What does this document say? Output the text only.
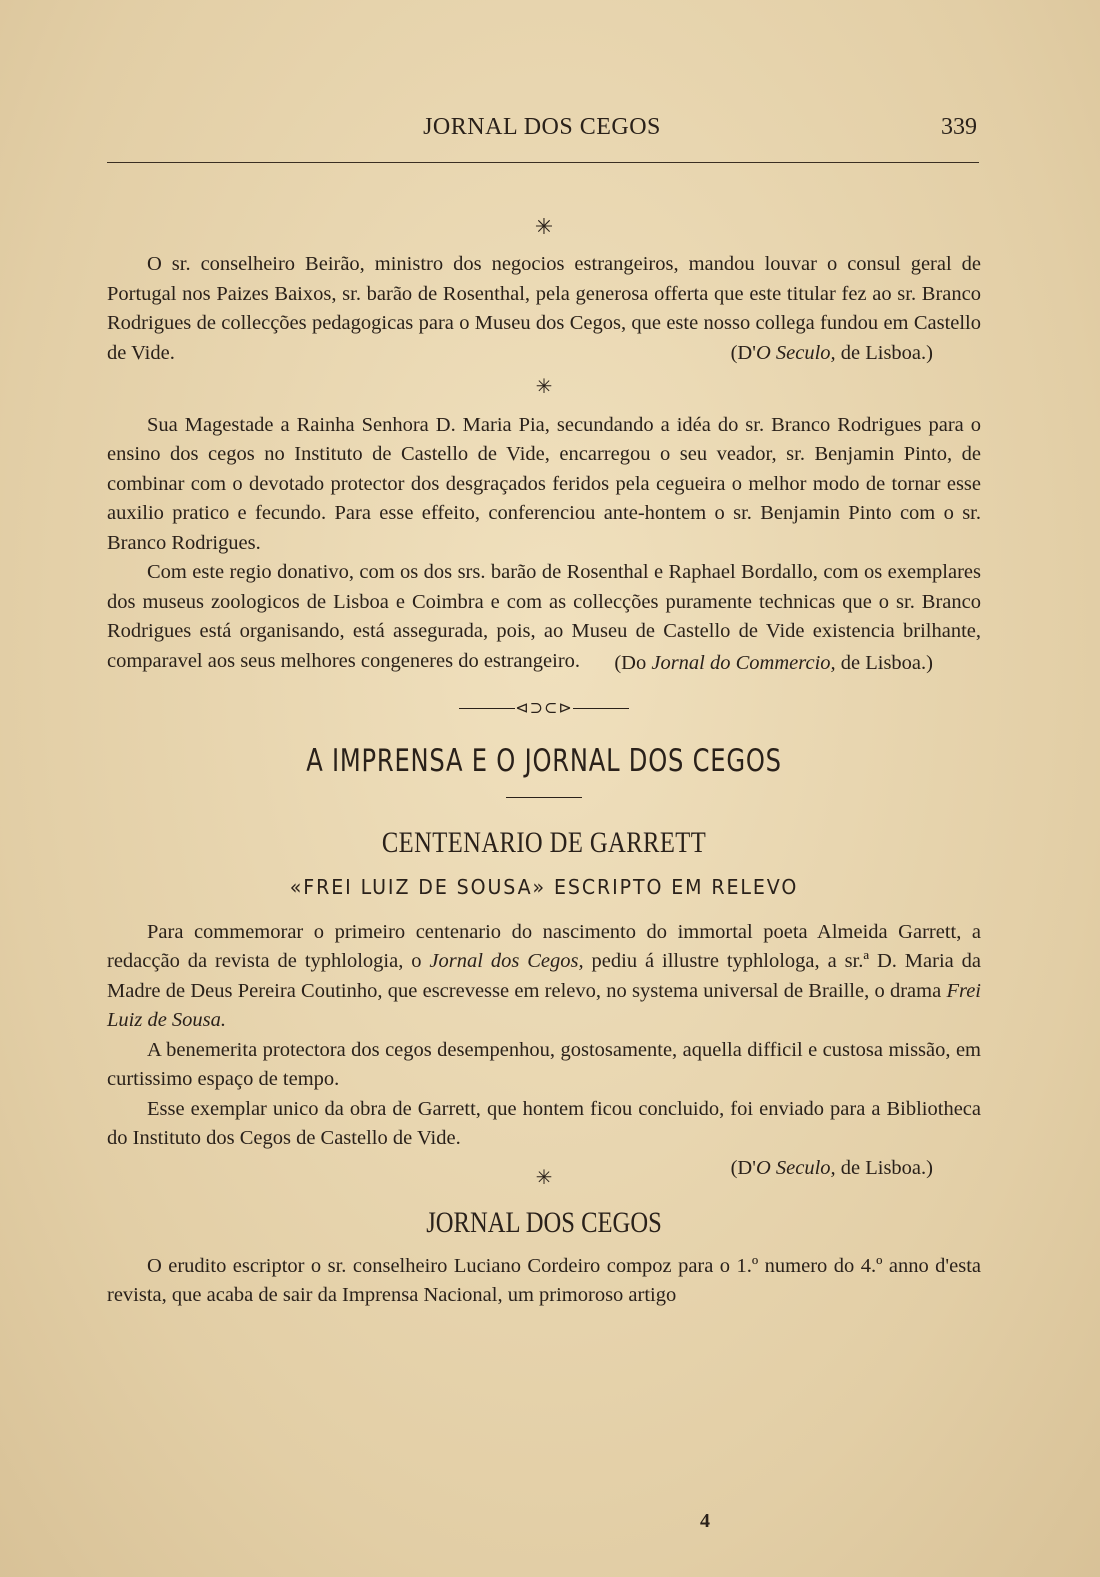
JORNAL DOS CEGOS	339
✳

O sr. conselheiro Beirão, ministro dos negocios estrangeiros, mandou louvar o consul geral de Portugal nos Paizes Baixos, sr. barão de Rosenthal, pela generosa offerta que este titular fez ao sr. Branco Rodrigues de collecções pedagogicas para o Museu dos Cegos, que este nosso collega fundou em Castello de Vide.	(D'O Seculo, de Lisboa.)
✳

Sua Magestade a Rainha Senhora D. Maria Pia, secundando a idéa do sr. Branco Rodrigues para o ensino dos cegos no Instituto de Castello de Vide, encarregou o seu veador, sr. Benjamin Pinto, de combinar com o devotado protector dos desgraçados feridos pela cegueira o melhor modo de tornar esse auxilio pratico e fecundo. Para esse effeito, conferenciou ante-hontem o sr. Benjamin Pinto com o sr. Branco Rodrigues.

Com este regio donativo, com os dos srs. barão de Rosenthal e Raphael Bordallo, com os exemplares dos museus zoologicos de Lisboa e Coimbra e com as collecções puramente technicas que o sr. Branco Rodrigues está organisando, está assegurada, pois, ao Museu de Castello de Vide existencia brilhante, comparavel aos seus melhores congeneres do estrangeiro.	(Do Jornal do Commercio, de Lisboa.)
⊲⊃⊂⊳
A IMPRENSA E O JORNAL DOS CEGOS
CENTENARIO DE GARRETT
«FREI LUIZ DE SOUSA» ESCRIPTO EM RELEVO

Para commemorar o primeiro centenario do nascimento do immortal poeta Almeida Garrett, a redacção da revista de typhlologia, o Jornal dos Cegos, pediu á illustre typhlologa, a sr.ª D. Maria da Madre de Deus Pereira Coutinho, que escrevesse em relevo, no systema universal de Braille, o drama Frei Luiz de Sousa.

A benemerita protectora dos cegos desempenhou, gostosamente, aquella difficil e custosa missão, em curtissimo espaço de tempo.

Esse exemplar unico da obra de Garrett, que hontem ficou concluido, foi enviado para a Bibliotheca do Instituto dos Cegos de Castello de Vide.

(D'O Seculo, de Lisboa.)
✳
JORNAL DOS CEGOS

O erudito escriptor o sr. conselheiro Luciano Cordeiro compoz para o 1.º numero do 4.º anno d'esta revista, que acaba de sair da Imprensa Nacional, um primoroso artigo

4
